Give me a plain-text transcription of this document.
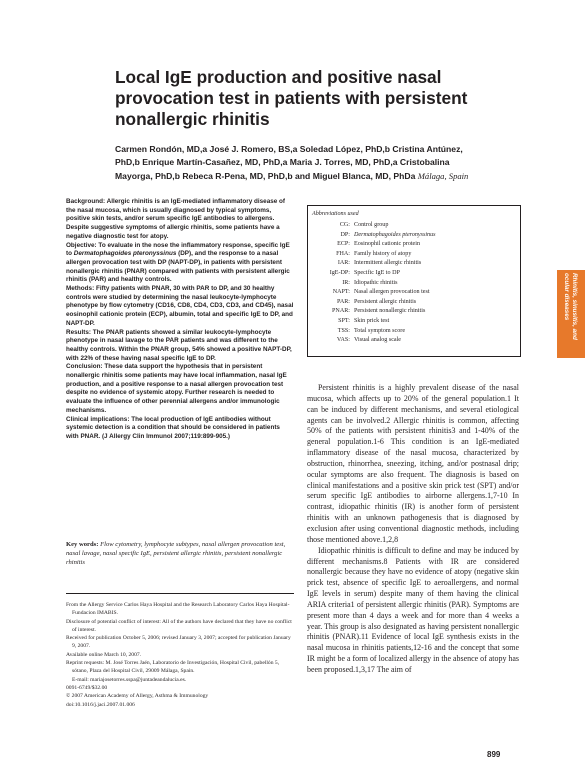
Local IgE production and positive nasal provocation test in patients with persistent nonallergic rhinitis
Carmen Rondón, MD,a José J. Romero, BS,a Soledad López, PhD,b Cristina Antúnez,
PhD,b Enrique Martín-Casañez, MD, PhD,a Maria J. Torres, MD, PhD,a Cristobalina
Mayorga, PhD,b Rebeca R-Pena, MD, PhD,b and Miguel Blanca, MD, PhDa Málaga, Spain

Background: Allergic rhinitis is an IgE-mediated inflammatory disease of the nasal mucosa, which is usually diagnosed by typical symptoms, positive skin tests, and/or serum specific IgE antibodies to allergens. Despite suggestive symptoms of allergic rhinitis, some patients have a negative diagnostic test for atopy.

Objective: To evaluate in the nose the inflammatory response, specific IgE to Dermatophagoides pteronyssinus (DP), and the response to a nasal allergen provocation test with DP (NAPT-DP), in patients with persistent nonallergic rhinitis (PNAR) compared with patients with persistent allergic rhinitis (PAR) and healthy controls.

Methods: Fifty patients with PNAR, 30 with PAR to DP, and 30 healthy controls were studied by determining the nasal leukocyte-lymphocyte phenotype by flow cytometry (CD16, CD8, CD4, CD3, CD3, and CD45), nasal eosinophil cationic protein (ECP), albumin, total and specific IgE to DP, and NAPT-DP.

Results: The PNAR patients showed a similar leukocyte-lymphocyte phenotype in nasal lavage to the PAR patients and was different to the healthy controls. Within the PNAR group, 54% showed a positive NAPT-DP, with 22% of these having nasal specific IgE to DP.

Conclusion: These data support the hypothesis that in persistent nonallergic rhinitis some patients may have local inflammation, nasal IgE production, and a positive response to a nasal allergen provocation test despite no evidence of systemic atopy. Further research is needed to evaluate the influence of other perennial allergens and/or immunologic mechanisms.

Clinical implications: The local production of IgE antibodies without systemic detection is a condition that should be considered in patients with PNAR. (J Allergy Clin Immunol 2007;119:899-905.)

Key words: Flow cytometry, lymphocyte subtypes, nasal allergen provocation test, nasal lavage, nasal specific IgE, persistent allergic rhinitis, persistent nonallergic rhinitis

From the Allergy Service Carlos Haya Hospital and the Research Laboratory Carlos Haya Hospital-Fundacion IMABIS.

Disclosure of potential conflict of interest: All of the authors have declared that they have no conflict of interest.

Received for publication October 5, 2006; revised January 3, 2007; accepted for publication January 9, 2007.

Available online March 10, 2007.

Reprint requests: M. José Torres Jaén, Laboratorio de Investigación, Hospital Civil, pabellón 5, sótano, Plaza del Hospital Civil, 29009 Málaga, Spain.

E-mail: mariajosetorres.sspa@juntadeandalucia.es.

0091-6749/$32.00

© 2007 American Academy of Allergy, Asthma & Immunology

doi:10.1016/j.jaci.2007.01.006

Abbreviations used
CG: Control group
DP: Dermatophagoides pteronyssinus
ECP: Eosinophil cationic protein
FHA: Family history of atopy
IAR: Intermittent allergic rhinitis
IgE-DP: Specific IgE to DP
IR: Idiopathic rhinitis
NAPT: Nasal allergen provocation test
PAR: Persistent allergic rhinitis
PNAR: Persistent nonallergic rhinitis
SPT: Skin prick test
TSS: Total symptom score
VAS: Visual analog scale

Persistent rhinitis is a highly prevalent disease of the nasal mucosa, which affects up to 20% of the general population.1 It can be induced by different mechanisms, and several etiological agents can be involved.2 Allergic rhinitis is common, affecting 50% of the patients with persistent rhinitis3 and 1-40% of the general population.1-6 This condition is an IgE-mediated inflammatory disease of the nasal mucosa, characterized by obstruction, rhinorrhea, sneezing, itching, and/or postnasal drip; ocular symptoms are also frequent. The diagnosis is based on clinical manifestations and a positive skin prick test (SPT) and/or serum specific IgE antibodies to airborne allergens.1,7-10 In contrast, idiopathic rhinitis (IR) is another form of persistent rhinitis with an unknown pathogenesis that is diagnosed by exclusion after using conventional diagnostic methods, including those mentioned above.1,2,8

Idiopathic rhinitis is difficult to define and may be induced by different mechanisms.8 Patients with IR are considered nonallergic because they have no evidence of atopy (negative skin prick test, absence of specific IgE to aeroallergens, and normal IgE levels in serum) despite many of them having the clinical ARIA criteria1 of persistent allergic rhinitis (PAR). Symptoms are present more than 4 days a week and for more than 4 weeks a year. This group is also designated as having persistent nonallergic rhinitis (PNAR).11 Evidence of local IgE synthesis exists in the nasal mucosa in rhinitis patients,12-16 and the concept that some IR might be a form of localized allergy in the absence of atopy has been proposed.1,3,17 The aim of

Rhinitis, sinusitis, and ocular diseases
899
